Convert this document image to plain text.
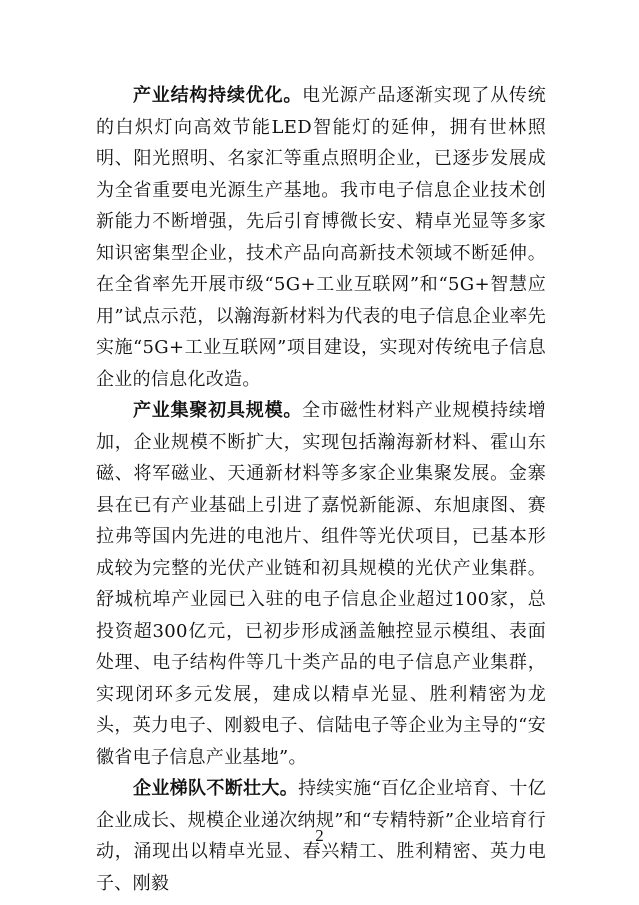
产业结构持续优化。电光源产品逐渐实现了从传统的白炽灯向高效节能LED智能灯的延伸，拥有世林照明、阳光照明、名家汇等重点照明企业，已逐步发展成为全省重要电光源生产基地。我市电子信息企业技术创新能力不断增强，先后引育博微长安、精卓光显等多家知识密集型企业，技术产品向高新技术领域不断延伸。在全省率先开展市级“5G+工业互联网”和“5G+智慧应用”试点示范，以瀚海新材料为代表的电子信息企业率先实施“5G+工业互联网”项目建设，实现对传统电子信息企业的信息化改造。

产业集聚初具规模。全市磁性材料产业规模持续增加，企业规模不断扩大，实现包括瀚海新材料、霍山东磁、将军磁业、天通新材料等多家企业集聚发展。金寨县在已有产业基础上引进了嘉悦新能源、东旭康图、赛拉弗等国内先进的电池片、组件等光伏项目，已基本形成较为完整的光伏产业链和初具规模的光伏产业集群。舒城杭埠产业园已入驻的电子信息企业超过100家，总投资超300亿元，已初步形成涵盖触控显示模组、表面处理、电子结构件等几十类产品的电子信息产业集群，实现闭环多元发展，建成以精卓光显、胜利精密为龙头，英力电子、刚毅电子、信陆电子等企业为主导的“安徽省电子信息产业基地”。

企业梯队不断壮大。持续实施“百亿企业培育、十亿企业成长、规模企业递次纳规”和“专精特新”企业培育行动，涌现出以精卓光显、春兴精工、胜利精密、英力电子、刚毅

2
